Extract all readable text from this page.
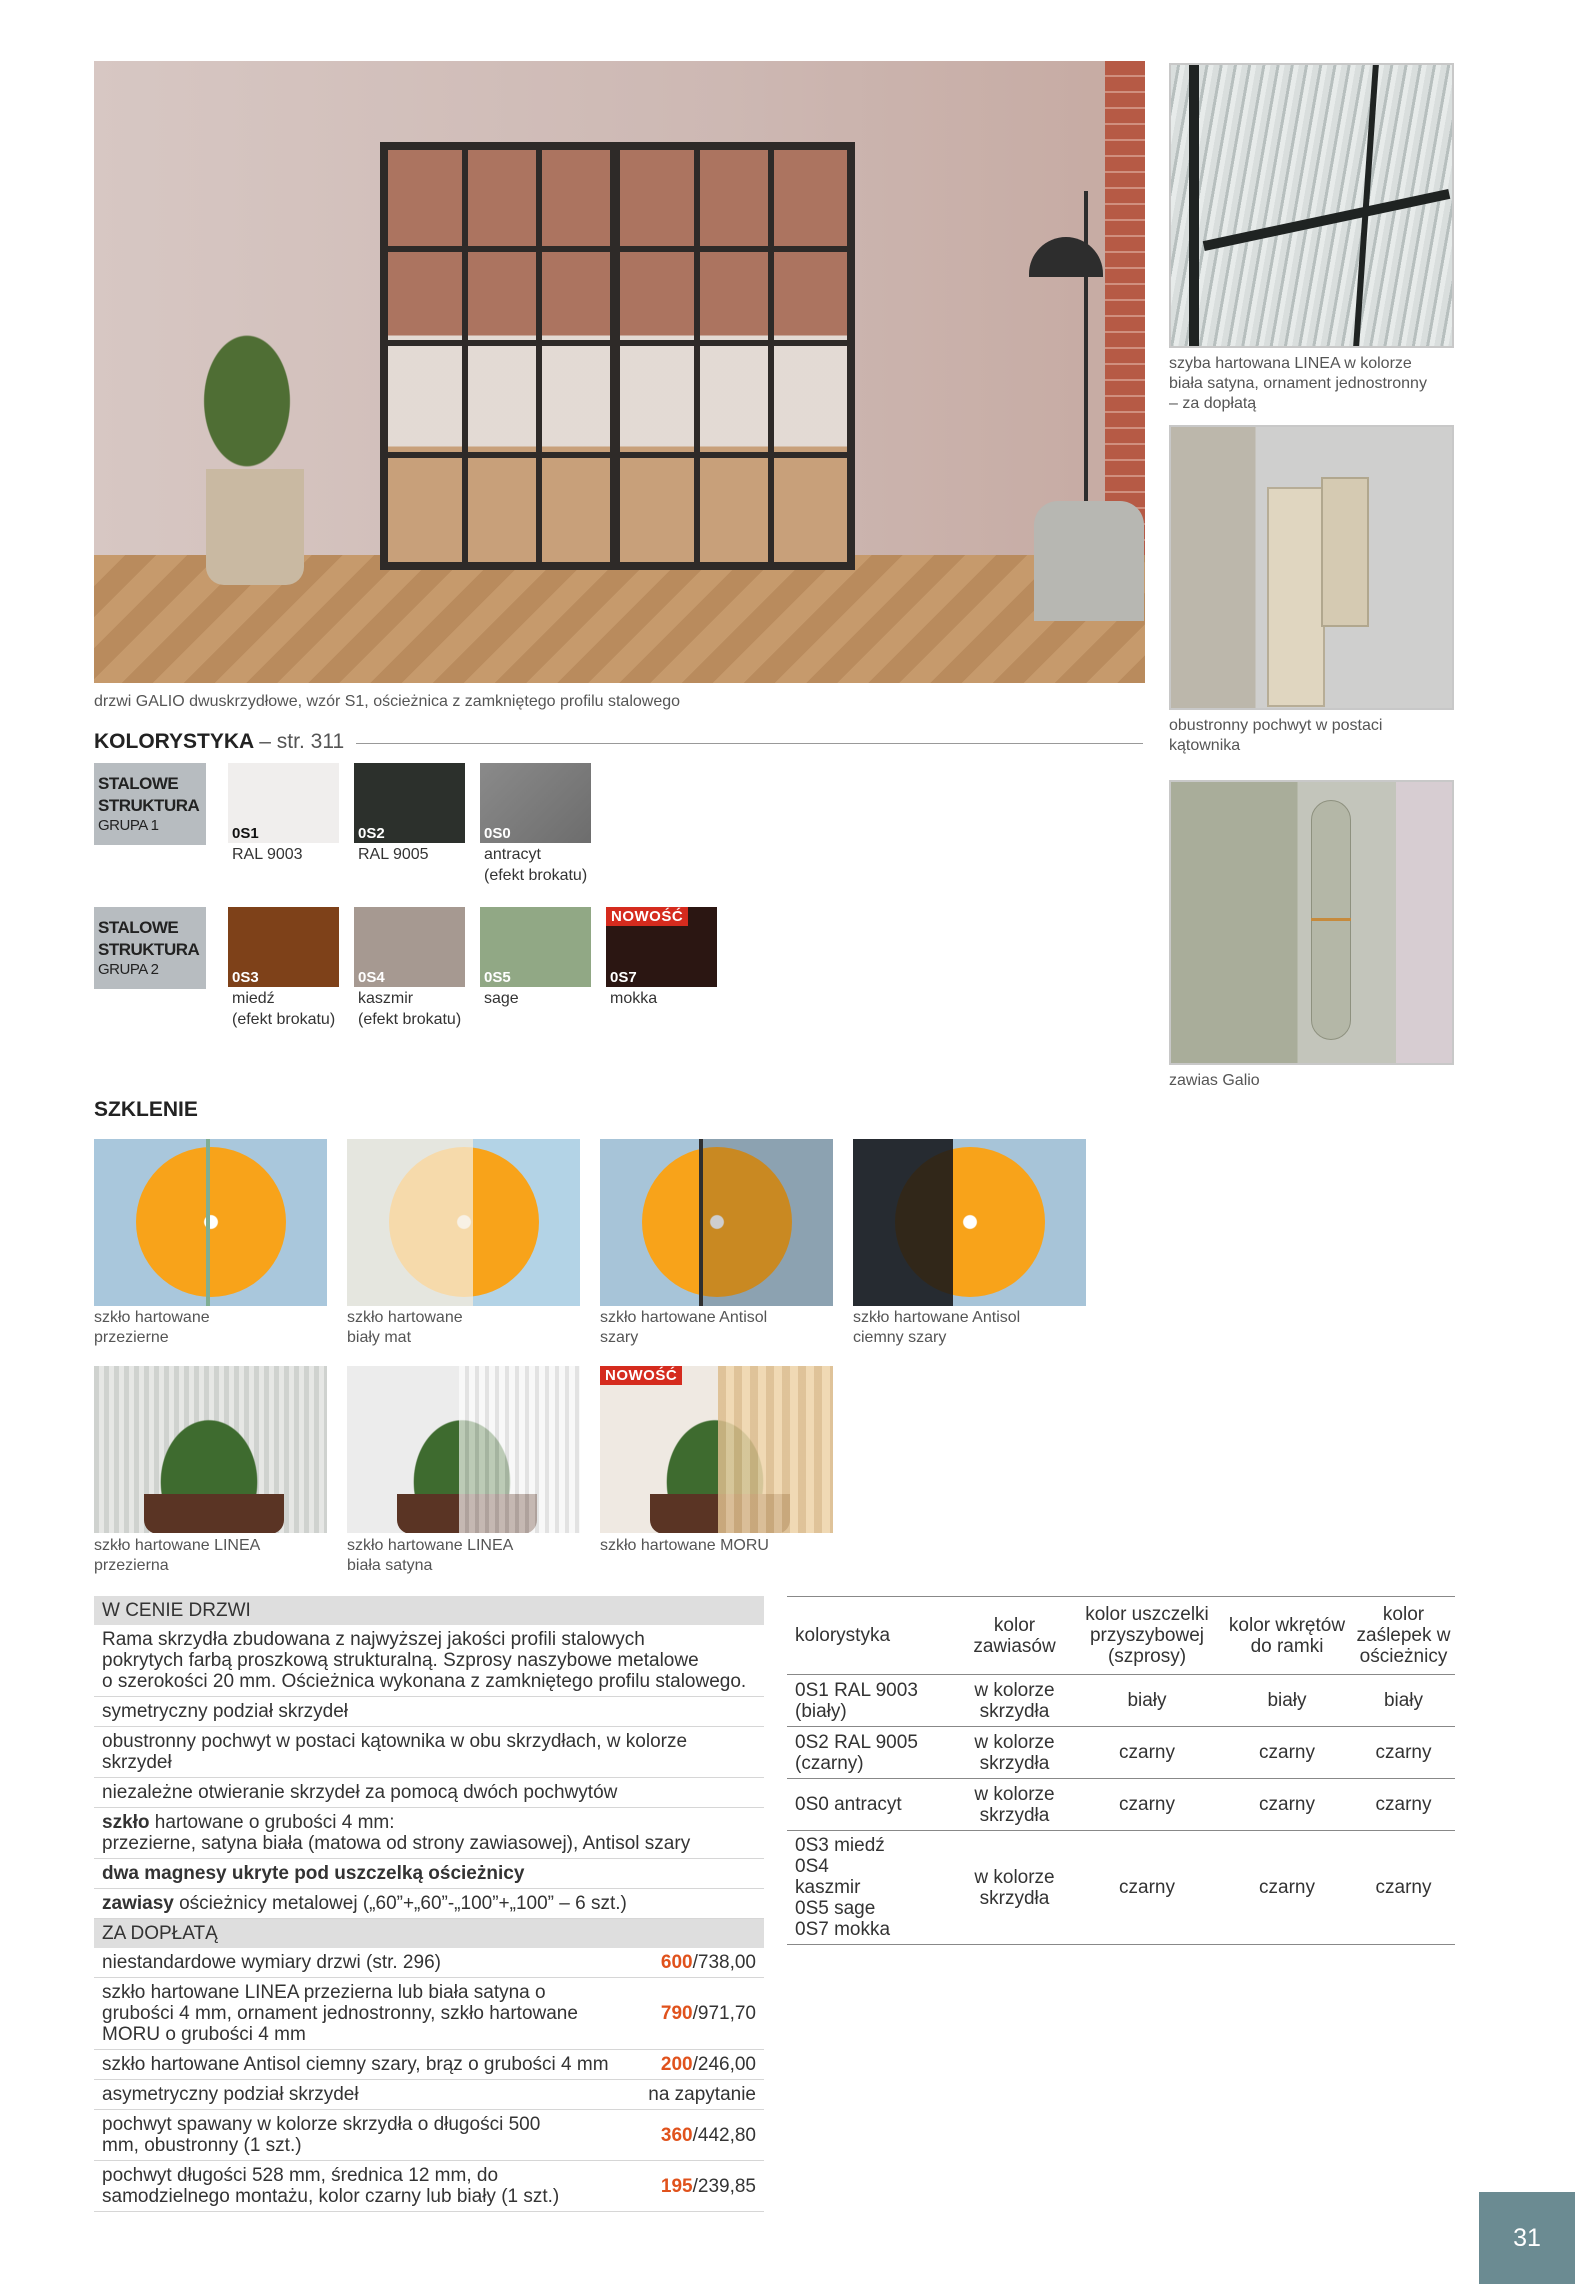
drzwi GALIO dwuskrzydłowe, wzór S1, ościeżnica z zamkniętego profilu stalowego
szyba hartowana LINEA w kolorze
biała satyna, ornament jednostronny
– za dopłatą
obustronny pochwyt w postaci
kątownika
zawias Galio
KOLORYSTYKA – str. 311
STALOWE
STRUKTURA
GRUPA 1
STALOWE
STRUKTURA
GRUPA 2
0S1
RAL 9003
0S2
RAL 9005
0S0
antracyt
(efekt brokatu)
0S3
miedź
(efekt brokatu)
0S4
kaszmir
(efekt brokatu)
0S5
sage
NOWOŚĆ
0S7
mokka
SZKLENIE
szkło hartowane
przezierne
szkło hartowane
biały mat
szkło hartowane Antisol
szary
szkło hartowane Antisol
ciemny szary
NOWOŚĆ
szkło hartowane LINEA
przezierna
szkło hartowane LINEA
biała satyna
szkło hartowane MORU
W CENIE DRZWI
Rama skrzydła zbudowana z najwyższej jakości profili stalowych
pokrytych farbą proszkową strukturalną. Szprosy naszybowe metalowe
o szerokości 20 mm. Ościeżnica wykonana z zamkniętego profilu stalowego.
symetryczny podział skrzydeł
obustronny pochwyt w postaci kątownika w obu skrzydłach, w kolorze skrzydeł
niezależne otwieranie skrzydeł za pomocą dwóch pochwytów
szkło hartowane o grubości 4 mm:
przezierne, satyna biała (matowa od strony zawiasowej), Antisol szary
dwa magnesy ukryte pod uszczelką ościeżnicy
zawiasy ościeżnicy metalowej („60”+„60”-„100”+„100” – 6 szt.)
ZA DOPŁATĄ
niestandardowe wymiary drzwi (str. 296)	600/738,00
szkło hartowane LINEA przezierna lub biała satyna o grubości 4 mm, ornament jednostronny, szkło hartowane MORU o grubości 4 mm
790/971,70
szkło hartowane Antisol ciemny szary, brąz o grubości 4 mm	200/246,00
asymetryczny podział skrzydeł	na zapytanie
pochwyt spawany w kolorze skrzydła o długości 500 mm, obustronny (1 szt.)	360/442,80
pochwyt długości 528 mm, średnica 12 mm, do samodzielnego montażu, kolor czarny lub biały (1 szt.)	195/239,85
kolorystyka	kolor zawiasów	kolor uszczelki przyszybowej (szprosy)	kolor wkrętów do ramki	kolor zaślepek w ościeżnicy
0S1 RAL 9003 (biały)	w kolorze skrzydła	biały	biały	biały
0S2 RAL 9005 (czarny)	w kolorze skrzydła	czarny	czarny	czarny
0S0 antracyt	w kolorze skrzydła	czarny	czarny	czarny
0S3 miedź 0S4 kaszmir 0S5 sage 0S7 mokka	w kolorze skrzydła	czarny	czarny	czarny
31
